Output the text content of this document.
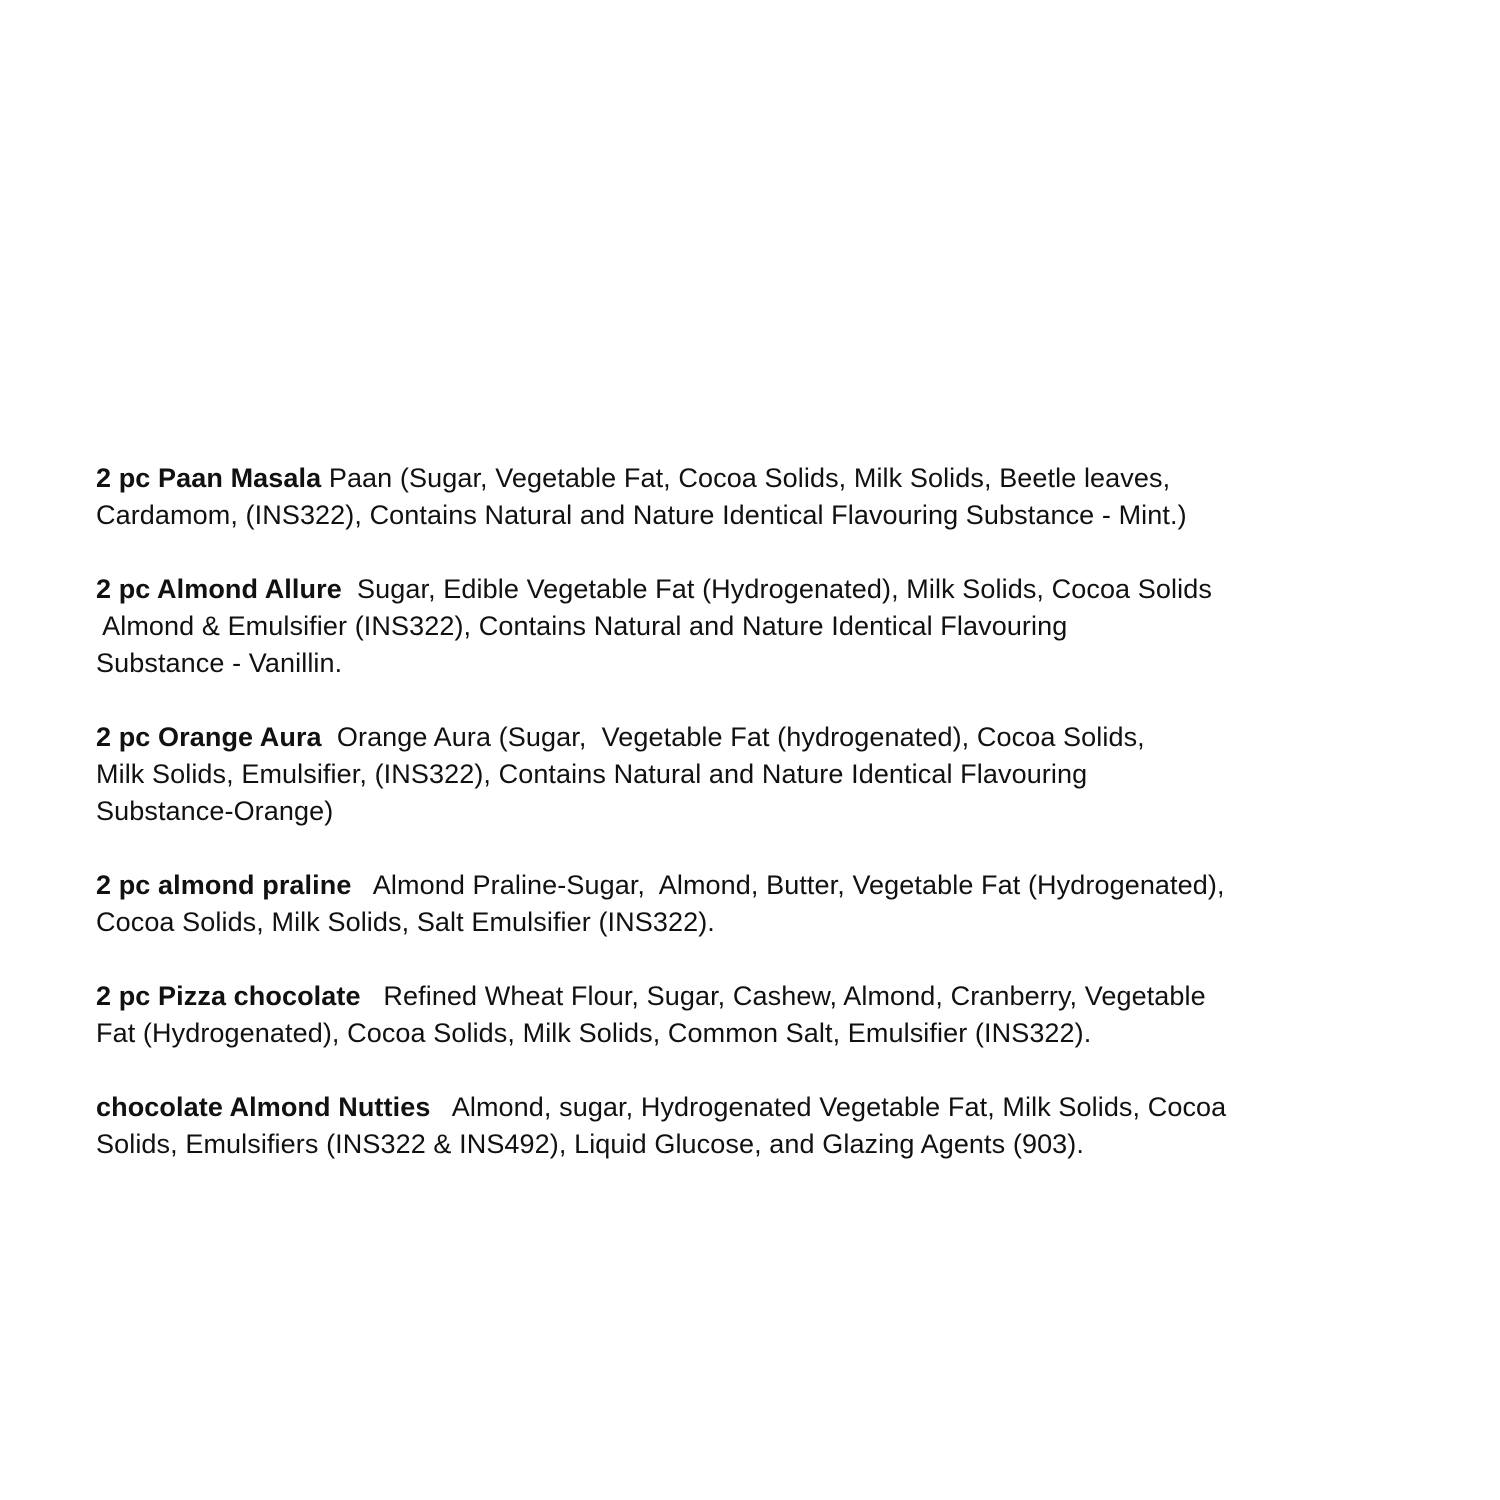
2 pc Paan Masala Paan (Sugar, Vegetable Fat, Cocoa Solids, Milk Solids, Beetle leaves,
Cardamom, (INS322), Contains Natural and Nature Identical Flavouring Substance - Mint.)
2 pc Almond Allure  Sugar, Edible Vegetable Fat (Hydrogenated), Milk Solids, Cocoa Solids
Almond & Emulsifier (INS322), Contains Natural and Nature Identical Flavouring
Substance - Vanillin.
2 pc Orange Aura  Orange Aura (Sugar,  Vegetable Fat (hydrogenated), Cocoa Solids,
Milk Solids, Emulsifier, (INS322), Contains Natural and Nature Identical Flavouring
Substance-Orange)
2 pc almond praline   Almond Praline-Sugar,  Almond, Butter, Vegetable Fat (Hydrogenated),
Cocoa Solids, Milk Solids, Salt Emulsifier (INS322).
2 pc Pizza chocolate   Refined Wheat Flour, Sugar, Cashew, Almond, Cranberry, Vegetable
Fat (Hydrogenated), Cocoa Solids, Milk Solids, Common Salt, Emulsifier (INS322).
chocolate Almond Nutties   Almond, sugar, Hydrogenated Vegetable Fat, Milk Solids, Cocoa
Solids, Emulsifiers (INS322 & INS492), Liquid Glucose, and Glazing Agents (903).
